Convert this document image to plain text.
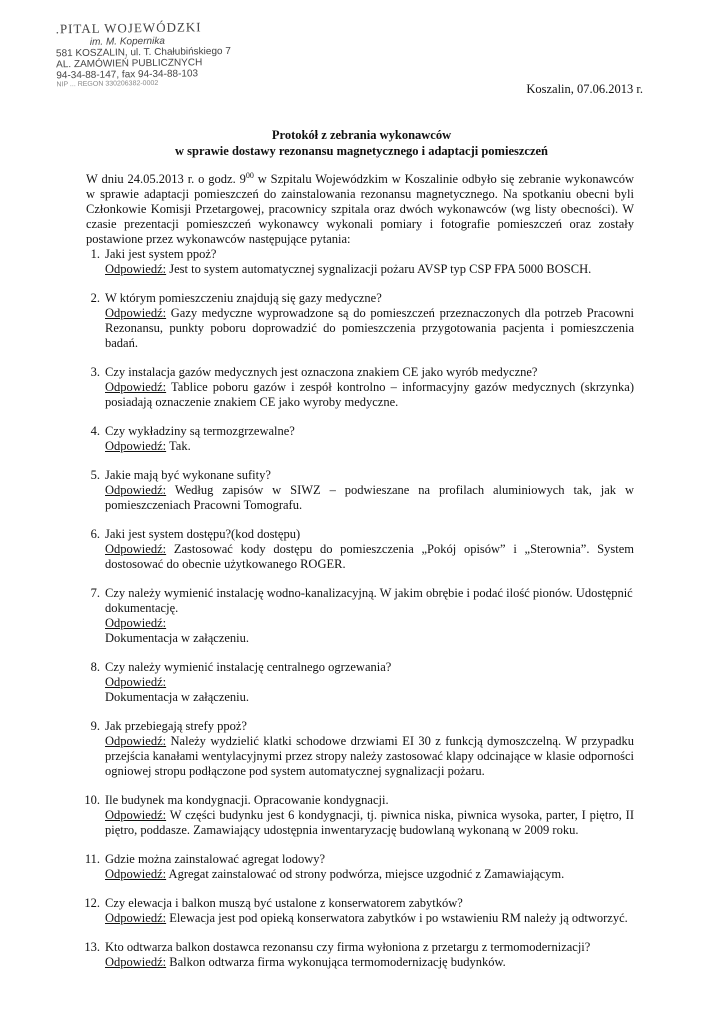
.PITAL WOJEWÓDZKI
im. M. Kopernika
581 KOSZALIN, ul. T. Chałubińskiego 7
AL. ZAMÓWIEŃ PUBLICZNYCH
94-34-88-147, fax 94-34-88-103
NIP ... REGON 330206382-0002	Koszalin, 07.06.2013 r.
Protokół z zebrania wykonawców
w sprawie dostawy rezonansu magnetycznego i adaptacji pomieszczeń

W dniu 24.05.2013 r. o godz. $9^{00}$ w Szpitalu Wojewódzkim w Koszalinie odbyło się zebranie wykonawców w sprawie adaptacji pomieszczeń do zainstalowania rezonansu magnetycznego. Na spotkaniu obecni byli Członkowie Komisji Przetargowej, pracownicy szpitala oraz dwóch wykonawców (wg listy obecności). W czasie prezentacji pomieszczeń wykonawcy wykonali pomiary i fotografie pomieszczeń oraz zostały postawione przez wykonawców następujące pytania:

1. Jaki jest system ppoż?
Odpowiedź: Jest to system automatycznej sygnalizacji pożaru AVSP typ CSP FPA 5000 BOSCH.
2. W którym pomieszczeniu znajdują się gazy medyczne?
Odpowiedź: Gazy medyczne wyprowadzone są do pomieszczeń przeznaczonych dla potrzeb Pracowni Rezonansu, punkty poboru doprowadzić do pomieszczenia przygotowania pacjenta i pomieszczenia badań.
3. Czy instalacja gazów medycznych jest oznaczona znakiem CE jako wyrób medyczne?
Odpowiedź: Tablice poboru gazów i zespół kontrolno – informacyjny gazów medycznych (skrzynka) posiadają oznaczenie znakiem CE jako wyroby medyczne.
4. Czy wykładziny są termozgrzewalne?
Odpowiedź: Tak.
5. Jakie mają być wykonane sufity?
Odpowiedź: Według zapisów w SIWZ – podwieszane na profilach aluminiowych tak, jak w pomieszczeniach Pracowni Tomografu.
6. Jaki jest system dostępu?(kod dostępu)
Odpowiedź: Zastosować kody dostępu do pomieszczenia „Pokój opisów” i „Sterownia”. System dostosować do obecnie użytkowanego ROGER.
7. Czy należy wymienić instalację wodno-kanalizacyjną. W jakim obrębie i podać ilość pionów. Udostępnić dokumentację.
Odpowiedź:
Dokumentacja w załączeniu.
8. Czy należy wymienić instalację centralnego ogrzewania?
Odpowiedź:
Dokumentacja w załączeniu.
9. Jak przebiegają strefy ppoż?
Odpowiedź: Należy wydzielić klatki schodowe drzwiami EI 30 z funkcją dymoszczelną. W przypadku przejścia kanałami wentylacyjnymi przez stropy należy zastosować klapy odcinające w klasie odporności ogniowej stropu podłączone pod system automatycznej sygnalizacji pożaru.
10. Ile budynek ma kondygnacji. Opracowanie kondygnacji.
Odpowiedź: W części budynku jest 6 kondygnacji, tj. piwnica niska, piwnica wysoka, parter, I piętro, II piętro, poddasze. Zamawiający udostępnia inwentaryzację budowlaną wykonaną w 2009 roku.
11. Gdzie można zainstalować agregat lodowy?
Odpowiedź: Agregat zainstalować od strony podwórza, miejsce uzgodnić z Zamawiającym.
12. Czy elewacja i balkon muszą być ustalone z konserwatorem zabytków?
Odpowiedź: Elewacja jest pod opieką konserwatora zabytków i po wstawieniu RM należy ją odtworzyć.
13. Kto odtwarza balkon dostawca rezonansu czy firma wyłoniona z przetargu z termomodernizacji?
Odpowiedź: Balkon odtwarza firma wykonująca termomodernizację budynków.
